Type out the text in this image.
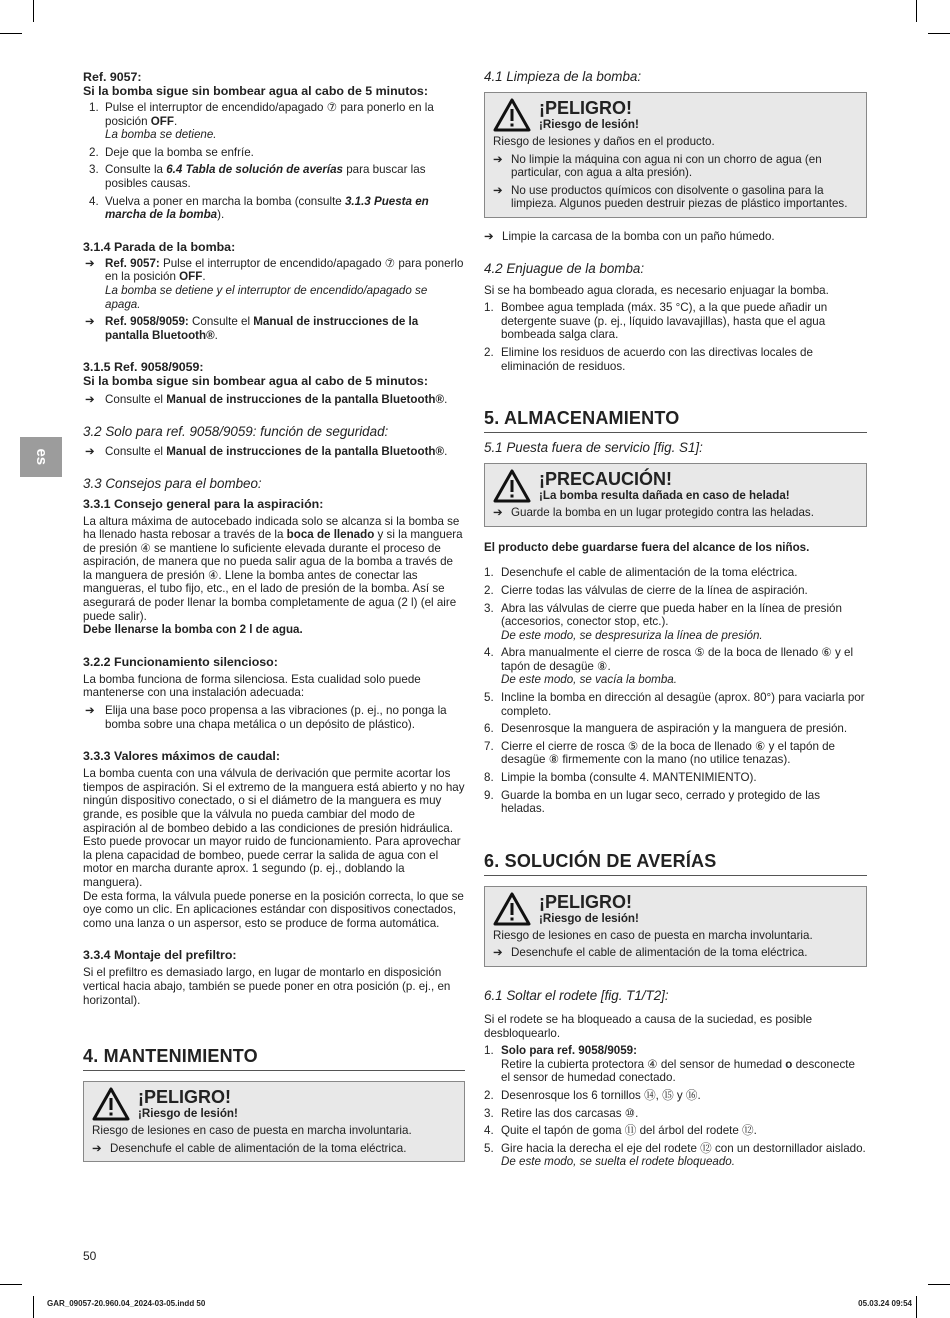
es
Ref. 9057:
Si la bomba sigue sin bombear agua al cabo de 5 minutos:
1. Pulse el interruptor de encendido/apagado ⑦ para ponerlo en la posición OFF.
La bomba se detiene.
2. Deje que la bomba se enfríe.
3. Consulte la 6.4 Tabla de solución de averías para buscar las posibles causas.
4. Vuelva a poner en marcha la bomba (consulte 3.1.3 Puesta en marcha de la bomba).
3.1.4 Parada de la bomba:
➔ Ref. 9057: Pulse el interruptor de encendido/apagado ⑦ para ponerlo en la posición OFF.
La bomba se detiene y el interruptor de encendido/apagado se apaga.
➔ Ref. 9058/9059: Consulte el Manual de instrucciones de la pantalla Bluetooth®.
3.1.5 Ref. 9058/9059:
Si la bomba sigue sin bombear agua al cabo de 5 minutos:
➔ Consulte el Manual de instrucciones de la pantalla Bluetooth®.
3.2 Solo para ref. 9058/9059: función de seguridad:
➔ Consulte el Manual de instrucciones de la pantalla Bluetooth®.
3.3 Consejos para el bombeo:
3.3.1 Consejo general para la aspiración:

La altura máxima de autocebado indicada solo se alcanza si la bomba se ha llenado hasta rebosar a través de la boca de llenado y si la manguera de presión ④ se mantiene lo suficiente elevada durante el proceso de aspiración, de manera que no pueda salir agua de la bomba a través de la manguera de presión ④. Llene la bomba antes de conectar las mangueras, el tubo fijo, etc., en el lado de presión de la bomba. Así se asegurará de poder llenar la bomba completamente de agua (2 l) (el aire puede salir).
Debe llenarse la bomba con 2 l de agua.

3.2.2 Funcionamiento silencioso:

La bomba funciona de forma silenciosa. Esta cualidad solo puede mantenerse con una instalación adecuada:

➔ Elija una base poco propensa a las vibraciones (p. ej., no ponga la bomba sobre una chapa metálica o un depósito de plástico).
3.3.3 Valores máximos de caudal:

La bomba cuenta con una válvula de derivación que permite acortar los tiempos de aspiración. Si el extremo de la manguera está abierto y no hay ningún dispositivo conectado, o si el diámetro de la manguera es muy grande, es posible que la válvula no pueda cambiar del modo de aspiración al de bombeo debido a las condiciones de presión hidráulica. Esto puede provocar un mayor ruido de funcionamiento. Para aprovechar la plena capacidad de bombeo, puede cerrar la salida de agua con el motor en marcha durante aprox. 1 segundo (p. ej., doblando la manguera).

De esta forma, la válvula puede ponerse en la posición correcta, lo que se oye como un clic. En aplicaciones estándar con dispositivos conectados, como una lanza o un aspersor, esto se produce de forma automática.

3.3.4 Montaje del prefiltro:

Si el prefiltro es demasiado largo, en lugar de montarlo en disposición vertical hacia abajo, también se puede poner en otra posición (p. ej., en horizontal).

4. MANTENIMIENTO
¡PELIGRO!
¡Riesgo de lesión!

Riesgo de lesiones en caso de puesta en marcha involuntaria.

➔ Desenchufe el cable de alimentación de la toma eléctrica.
50
4.1 Limpieza de la bomba:
¡PELIGRO!
¡Riesgo de lesión!

Riesgo de lesiones y daños en el producto.

➔ No limpie la máquina con agua ni con un chorro de agua (en particular, con agua a alta presión).
➔ No use productos químicos con disolvente o gasolina para la limpieza. Algunos pueden destruir piezas de plástico importantes.
➔ Limpie la carcasa de la bomba con un paño húmedo.
4.2 Enjuague de la bomba:

Si se ha bombeado agua clorada, es necesario enjuagar la bomba.

1. Bombee agua templada (máx. 35 °C), a la que puede añadir un detergente suave (p. ej., líquido lavavajillas), hasta que el agua bombeada salga clara.
2. Elimine los residuos de acuerdo con las directivas locales de eliminación de residuos.
5. ALMACENAMIENTO
5.1 Puesta fuera de servicio [fig. S1]:
¡PRECAUCIÓN!
¡La bomba resulta dañada en caso de helada!
➔ Guarde la bomba en un lugar protegido contra las heladas.

El producto debe guardarse fuera del alcance de los niños.

1. Desenchufe el cable de alimentación de la toma eléctrica.
2. Cierre todas las válvulas de cierre de la línea de aspiración.
3. Abra las válvulas de cierre que pueda haber en la línea de presión (accesorios, conector stop, etc.).
De este modo, se despresuriza la línea de presión.
4. Abra manualmente el cierre de rosca ⑤ de la boca de llenado ⑥ y el tapón de desagüe ⑧.
De este modo, se vacía la bomba.
5. Incline la bomba en dirección al desagüe (aprox. 80°) para vaciarla por completo.
6. Desenrosque la manguera de aspiración y la manguera de presión.
7. Cierre el cierre de rosca ⑤ de la boca de llenado ⑥ y el tapón de desagüe ⑧ firmemente con la mano (no utilice tenazas).
8. Limpie la bomba (consulte 4. MANTENIMIENTO).
9. Guarde la bomba en un lugar seco, cerrado y protegido de las heladas.
6. SOLUCIÓN DE AVERÍAS
¡PELIGRO!
¡Riesgo de lesión!

Riesgo de lesiones en caso de puesta en marcha involuntaria.

➔ Desenchufe el cable de alimentación de la toma eléctrica.
6.1 Soltar el rodete [fig. T1/T2]:

Si el rodete se ha bloqueado a causa de la suciedad, es posible desbloquearlo.

1. Solo para ref. 9058/9059:
Retire la cubierta protectora ④ del sensor de humedad o desconecte el sensor de humedad conectado.
2. Desenrosque los 6 tornillos ⑭, ⑮ y ⑯.
3. Retire las dos carcasas ⑩.
4. Quite el tapón de goma ⑪ del árbol del rodete ⑫.
5. Gire hacia la derecha el eje del rodete ⑫ con un destornillador aislado.
De este modo, se suelta el rodete bloqueado.
GAR_09057-20.960.04_2024-03-05.indd 50	05.03.24 09:54
